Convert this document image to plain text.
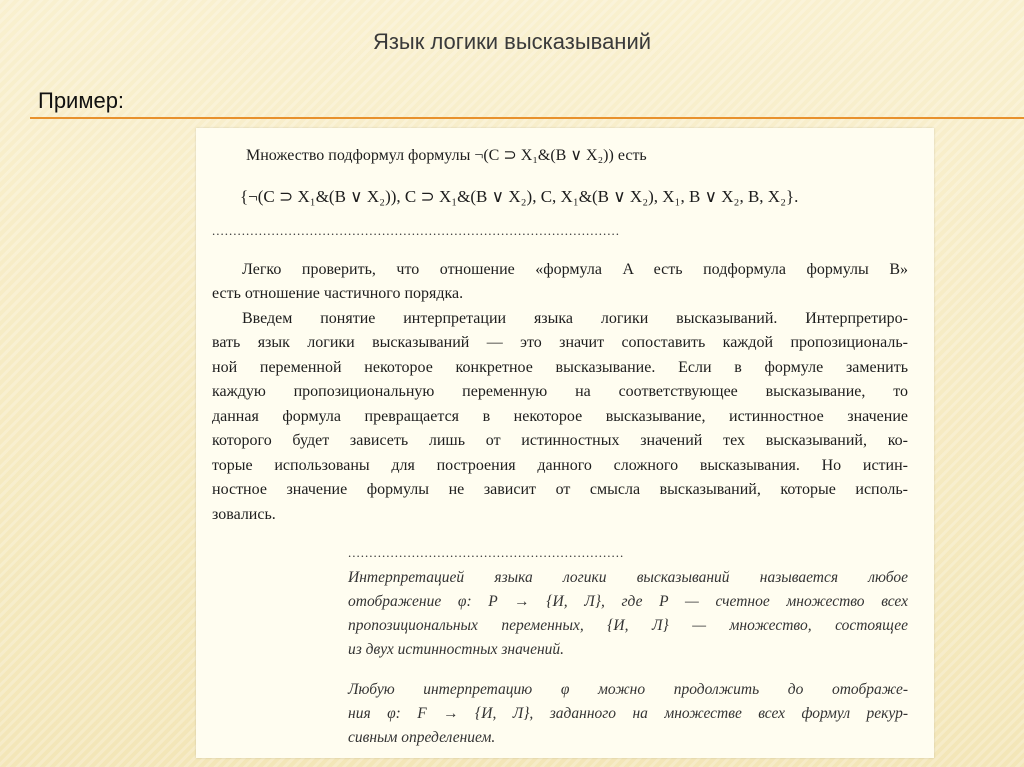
Язык логики высказываний
Пример:
Множество подформул формулы ¬(C ⊃ X₁&(B ∨ X₂)) есть
{¬(C ⊃ X₁&(B ∨ X₂)), C ⊃ X₁&(B ∨ X₂), C, X₁&(B ∨ X₂), X₁, B ∨ X₂, B, X₂}.
................................................................................................
Легко проверить, что отношение «формула A есть подформула формулы B»
есть отношение частичного порядка.
Введем понятие интерпретации языка логики высказываний. Интерпретиро-
вать язык логики высказываний — это значит сопоставить каждой пропозициональ-
ной переменной некоторое конкретное высказывание. Если в формуле заменить
каждую пропозициональную переменную на соответствующее высказывание, то
данная формула превращается в некоторое высказывание, истинностное значение
которого будет зависеть лишь от истинностных значений тех высказываний, ко-
торые использованы для построения данного сложного высказывания. Но истин-
ностное значение формулы не зависит от смысла высказываний, которые исполь-
зовались.
.................................................................
Интерпретацией языка логики высказываний называется любое
отображение φ: P → {И, Л}, где P — счетное множество всех
пропозициональных переменных, {И, Л} — множество, состоящее
из двух истинностных значений.
Любую интерпретацию φ можно продолжить до отображе-
ния φ: F → {И, Л}, заданного на множестве всех формул рекур-
сивным определением.
